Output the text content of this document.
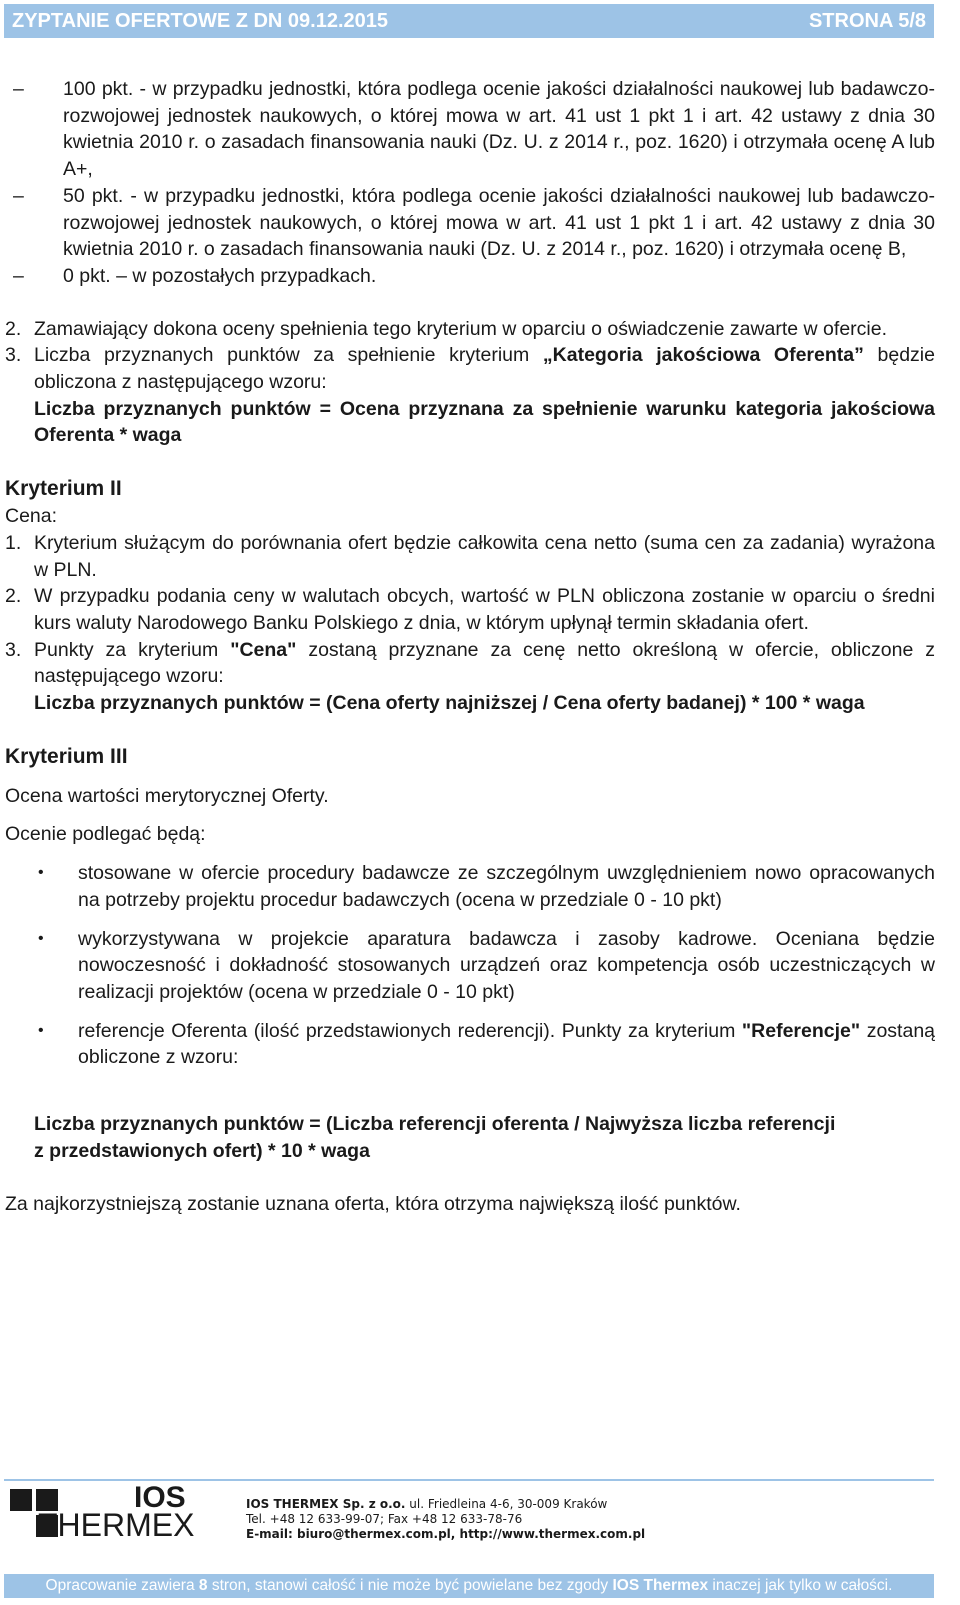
ZYPTANIE OFERTOWE Z DN 09.12.2015	STRONA 5/8
– 100 pkt. - w przypadku jednostki, która podlega ocenie jakości działalności naukowej lub badawczo-rozwojowej jednostek naukowych, o której mowa w art. 41 ust 1 pkt 1 i art. 42 ustawy z dnia 30 kwietnia 2010 r. o zasadach finansowania nauki (Dz. U. z 2014 r., poz. 1620) i otrzymała ocenę A lub A+,
– 50 pkt. - w przypadku jednostki, która podlega ocenie jakości działalności naukowej lub badawczo-rozwojowej jednostek naukowych, o której mowa w art. 41 ust 1 pkt 1 i art. 42 ustawy z dnia 30 kwietnia 2010 r. o zasadach finansowania nauki (Dz. U. z 2014 r., poz. 1620) i otrzymała ocenę B,
– 0 pkt. – w pozostałych przypadkach.
2. Zamawiający dokona oceny spełnienia tego kryterium w oparciu o oświadczenie zawarte w ofercie.
3. Liczba przyznanych punktów za spełnienie kryterium „Kategoria jakościowa Oferenta” będzie obliczona z następującego wzoru:
Liczba przyznanych punktów = Ocena przyznana za spełnienie warunku kategoria jakościowa Oferenta * waga
Kryterium II
Cena:
1. Kryterium służącym do porównania ofert będzie całkowita cena netto (suma cen za zadania) wyrażona w PLN.
2. W przypadku podania ceny w walutach obcych, wartość w PLN obliczona zostanie w oparciu o średni kurs waluty Narodowego Banku Polskiego z dnia, w którym upłynął termin składania ofert.
3. Punkty za kryterium "Cena" zostaną przyznane za cenę netto określoną w ofercie, obliczone z następującego wzoru:
Liczba przyznanych punktów = (Cena oferty najniższej / Cena oferty badanej) * 100 * waga
Kryterium III
Ocena wartości merytorycznej Oferty.
Ocenie podlegać będą:
• stosowane w ofercie procedury badawcze ze szczególnym uwzględnieniem nowo opracowanych na potrzeby projektu procedur badawczych (ocena w przedziale 0 - 10 pkt)
• wykorzystywana w projekcie aparatura badawcza i zasoby kadrowe. Oceniana będzie nowoczesność i dokładność stosowanych urządzeń oraz kompetencja osób uczestniczących w realizacji projektów (ocena w przedziale 0 - 10 pkt)
• referencje Oferenta (ilość przedstawionych rederencji). Punkty za kryterium "Referencje" zostaną obliczone z wzoru:
Liczba przyznanych punktów = (Liczba referencji oferenta / Najwyższa liczba referencji z przedstawionych ofert) * 10 * waga
Za najkorzystniejszą zostanie uznana oferta, która otrzyma największą ilość punktów.
IOS
THERMEX
IOS THERMEX Sp. z o.o. ul. Friedleina 4-6, 30-009 Kraków
Tel. +48 12 633-99-07; Fax +48 12 633-78-76
E-mail: biuro@thermex.com.pl, http://www.thermex.com.pl
Opracowanie zawiera 8 stron, stanowi całość i nie może być powielane bez zgody IOS Thermex inaczej jak tylko w całości.
